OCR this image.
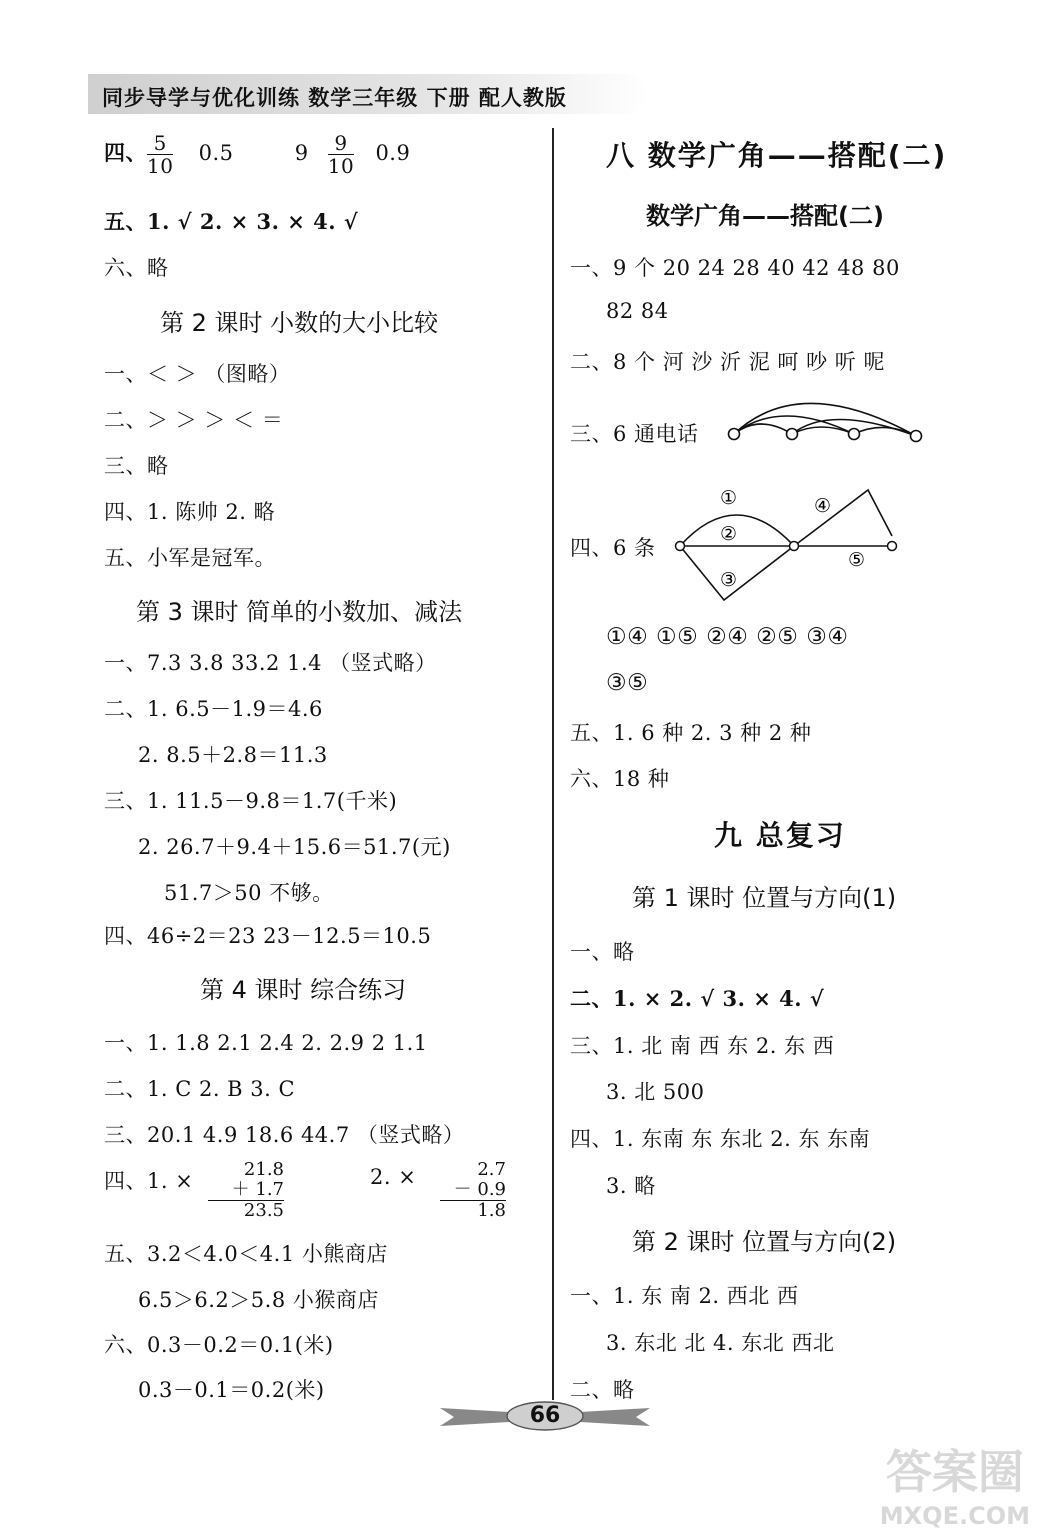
同步导学与优化训练 数学三年级 下册 配人教版
四、 $\frac{5}{10} 0.5$	$9 \frac{9}{10} 0.9$
五、1. √ 2. × 3. × 4. √
六、略
第 2 课时 小数的大小比较
一、＜ ＞ （图略）
二、＞ ＞ ＞ ＜ ＝
三、略
四、1. 陈帅 2. 略
五、小军是冠军。
第 3 课时 简单的小数加、减法
一、7.3 3.8 33.2 1.4 （竖式略）
二、1. 6.5－1.9＝4.6
2. 8.5＋2.8＝11.3
三、1. 11.5－9.8＝1.7(千米)
2. 26.7＋9.4＋15.6＝51.7(元)
51.7＞50 不够。
四、46÷2＝23 23－12.5＝10.5
第 4 课时 综合练习
一、1. 1.8 2.1 2.4 2. 2.9 2 1.1
二、1. C 2. B 3. C
三、20.1 4.9 18.6 44.7 （竖式略）
四、1. ×	21.8
＋ 1.7
23.5
2. ×	2.7
－ 0.9
1.8
五、3.2＜4.0＜4.1 小熊商店
6.5＞6.2＞5.8 小猴商店
六、0.3－0.2＝0.1(米)
0.3－0.1＝0.2(米)
八 数学广角——搭配(二)
数学广角——搭配(二)
一、9 个 20 24 28 40 42 48 80
82 84
二、8 个 河 沙 沂 泥 呵 吵 听 呢
三、6 通电话
四、6 条
①
②
③
④
⑤
①④ ①⑤ ②④ ②⑤ ③④
③⑤
五、1. 6 种 2. 3 种 2 种
六、18 种
九 总复习
第 1 课时 位置与方向(1)
一、略
二、1. × 2. √ 3. × 4. √
三、1. 北 南 西 东 2. 东 西
3. 北 500
四、1. 东南 东 东北 2. 东 东南
3. 略
第 2 课时 位置与方向(2)
一、1. 东 南 2. 西北 西
3. 东北 北 4. 东北 西北
二、略
66
答案圈
MXQE.COM
